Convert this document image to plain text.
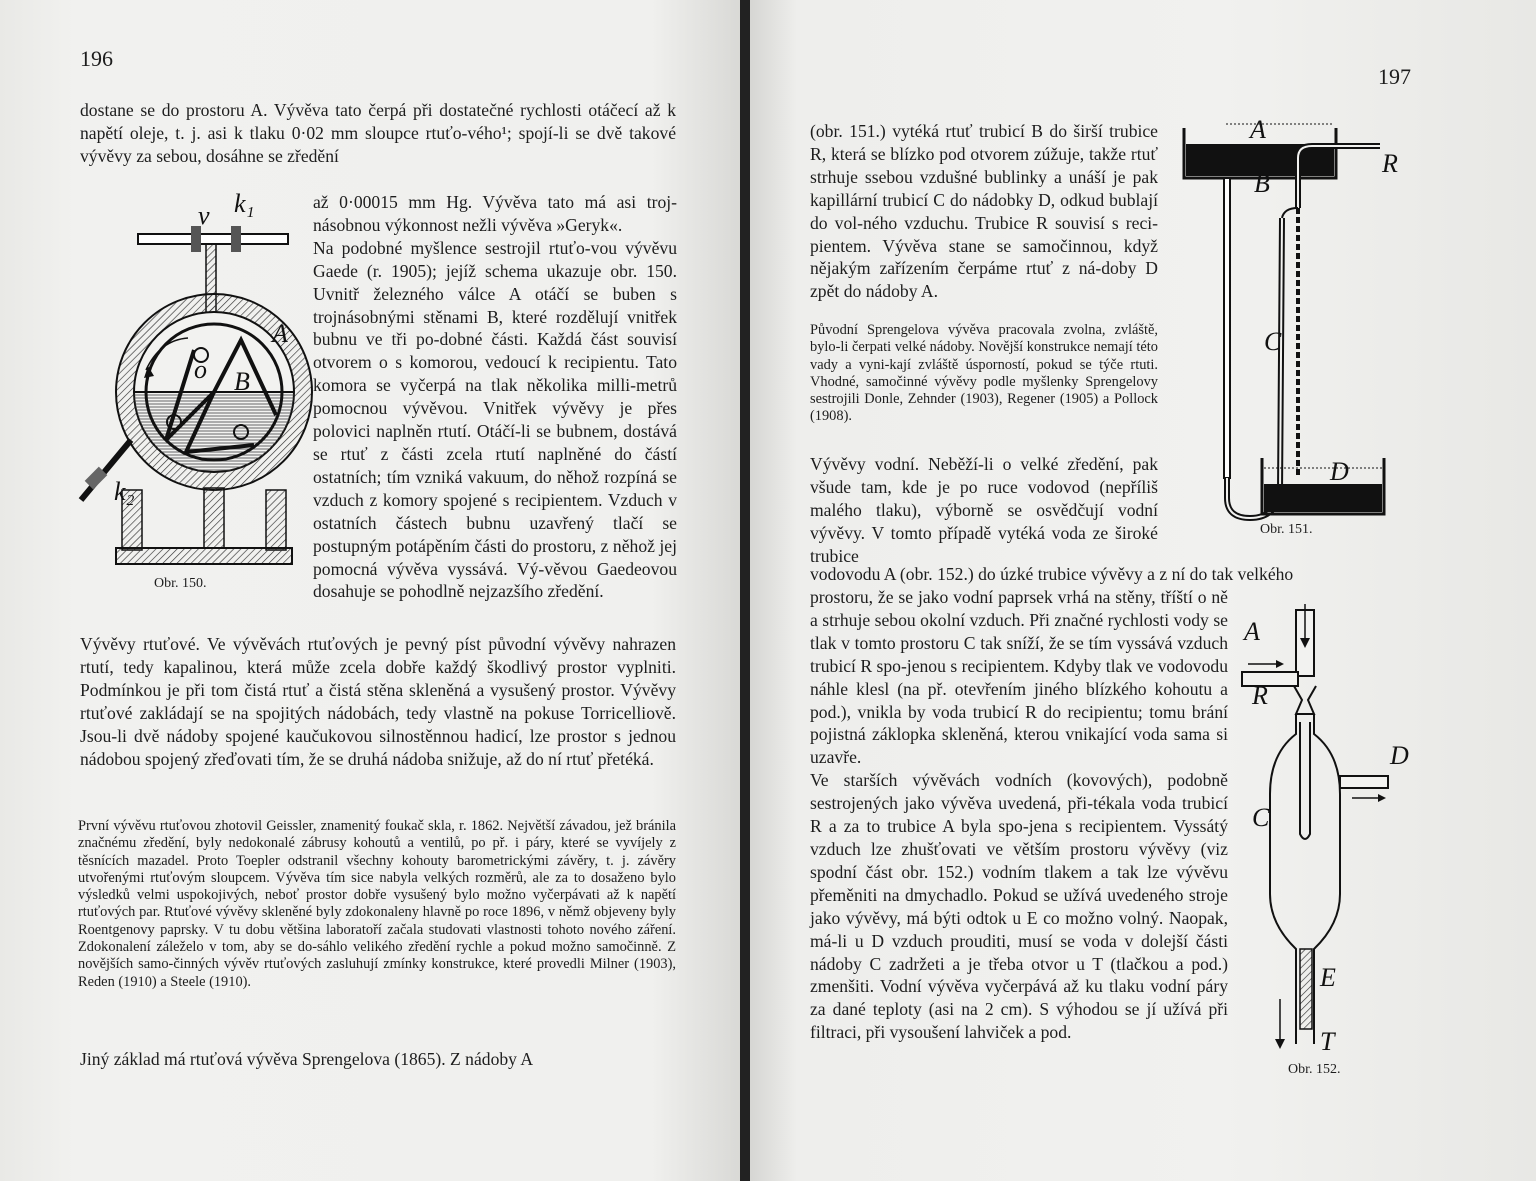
196

dostane se do prostoru A. Vývěva tato čerpá při dostatečné rychlosti otáčecí až k napětí oleje, t. j. asi k tlaku 0·02 mm sloupce rtuťo-vého¹; spojí-li se dvě takové vývěvy za sebou, dosáhne se zředění

v k₁
A
B
o
k₂
Obr. 150.

až 0·00015 mm Hg. Vývěva tato má asi troj-násobnou výkonnost nežli vývěva »Geryk«.
Na podobné myšlence sestrojil rtuťo-vou vývěvu Gaede (r. 1905); jejíž schema ukazuje obr. 150. Uvnitř železného válce A otáčí se buben s trojnásobnými stěnami B, které rozdělují vnitřek bubnu ve tři po-dobné části. Každá část souvisí otvorem o s komorou, vedoucí k recipientu. Tato komora se vyčerpá na tlak několika milli-metrů pomocnou vývěvou. Vnitřek vývěvy je přes polovici naplněn rtutí. Otáčí-li se bubnem, dostává se rtuť z části zcela rtutí naplněné do částí ostatních; tím vzniká vakuum, do něhož rozpíná se vzduch z komory spojené s recipientem. Vzduch v ostatních částech bubnu uzavřený tlačí se postupným potápěním části do prostoru, z něhož jej pomocná vývěva vyssává. Vý-věvou Gaedeovou dosahuje se pohodlně nejzazšího zředění.

Vývěvy rtuťové. Ve vývěvách rtuťových je pevný píst původní vývěvy nahrazen rtutí, tedy kapalinou, která může zcela dobře každý škodlivý prostor vyplniti. Podmínkou je při tom čistá rtuť a čistá stěna skleněná a vysušený prostor. Vývěvy rtuťové zakládají se na spojitých nádobách, tedy vlastně na pokuse Torricelliově. Jsou-li dvě nádoby spojené kaučukovou silnostěnnou hadicí, lze prostor s jednou nádobou spojený zřeďovati tím, že se druhá nádoba snižuje, až do ní rtuť přetéká.

První vývěvu rtuťovou zhotovil Geissler, znamenitý foukač skla, r. 1862. Největší závadou, jež bránila značnému zředění, byly nedokonalé zábrusy kohoutů a ventilů, po př. i páry, které se vyvíjely z těsnících mazadel. Proto Toepler odstranil všechny kohouty barometrickými závěry, t. j. závěry utvořenými rtuťovým sloupcem. Vývěva tím sice nabyla velkých rozměrů, ale za to dosaženo bylo výsledků velmi uspokojivých, neboť prostor dobře vysušený bylo možno vyčerpávati až k napětí rtuťových par. Rtuťové vývěvy skleněné byly zdokonaleny hlavně po roce 1896, v němž objeveny byly Roentgenovy paprsky. V tu dobu většina laboratoří začala studovati vlastnosti tohoto nového záření. Zdokonalení záleželo v tom, aby se do-sáhlo velikého zředění rychle a pokud možno samočinně. Z novějších samo-činných vývěv rtuťových zasluhují zmínky konstrukce, které provedli Milner (1903), Reden (1910) a Steele (1910).

Jiný základ má rtuťová vývěva Sprengelova (1865). Z nádoby A

197

(obr. 151.) vytéká rtuť trubicí B do širší trubice R, která se blízko pod otvorem zúžuje, takže rtuť strhuje ssebou vzdušné bublinky a unáší je pak kapillární trubicí C do nádobky D, odkud bublají do vol-ného vzduchu. Trubice R souvisí s reci-pientem. Vývěva stane se samočinnou, když nějakým zařízením čerpáme rtuť z ná-doby D zpět do nádoby A.

Původní Sprengelova vývěva pracovala zvolna, zvláště, bylo-li čerpati velké nádoby. Novější konstrukce nemají této vady a vyni-kají zvláště úsporností, pokud se týče rtuti. Vhodné, samočinné vývěvy podle myšlenky Sprengelovy sestrojili Donle, Zehnder (1903), Regener (1905) a Pollock (1908).

Vývěvy vodní. Neběží-li o velké zředění, pak všude tam, kde je po ruce vodovod (nepříliš malého tlaku), výborně se osvědčují vodní vývěvy. V tomto případě vytéká voda ze široké trubice

vodovodu A (obr. 152.) do úzké trubice vývěvy a z ní do tak velkého

prostoru, že se jako vodní paprsek vrhá na stěny, tříští o ně a strhuje sebou okolní vzduch. Při značné rychlosti vody se tlak v tomto prostoru C tak sníží, že se tím vyssává vzduch trubicí R spo-jenou s recipientem. Kdyby tlak ve vodovodu náhle klesl (na př. otevřením jiného blízkého kohoutu a pod.), vnikla by voda trubicí R do recipientu; tomu brání pojistná záklopka skleněná, kterou vnikající voda sama si uzavře.
Ve starších vývěvách vodních (kovových), podobně sestrojených jako vývěva uvedená, při-tékala voda trubicí R a za to trubice A byla spo-jena s recipientem. Vyssátý vzduch lze zhušťovati ve větším prostoru vývěvy (viz spodní část obr. 152.) vodním tlakem a tak lze vývěvu přeměniti na dmychadlo. Pokud se užívá uvedeného stroje jako vývěvy, má býti odtok u E co možno volný. Naopak, má-li u D vzduch prouditi, musí se voda v dolejší části nádoby C zadržeti a je třeba otvor u T (tlačkou a pod.) zmenšiti. Vodní vývěva vyčerpává až ku tlaku vodní páry za dané teploty (asi na 2 cm). S výhodou se jí užívá při filtraci, při vysoušení lahviček a pod.

A
B
R
C
D
Obr. 151.
A
R
D
C
E
T
Obr. 152.
